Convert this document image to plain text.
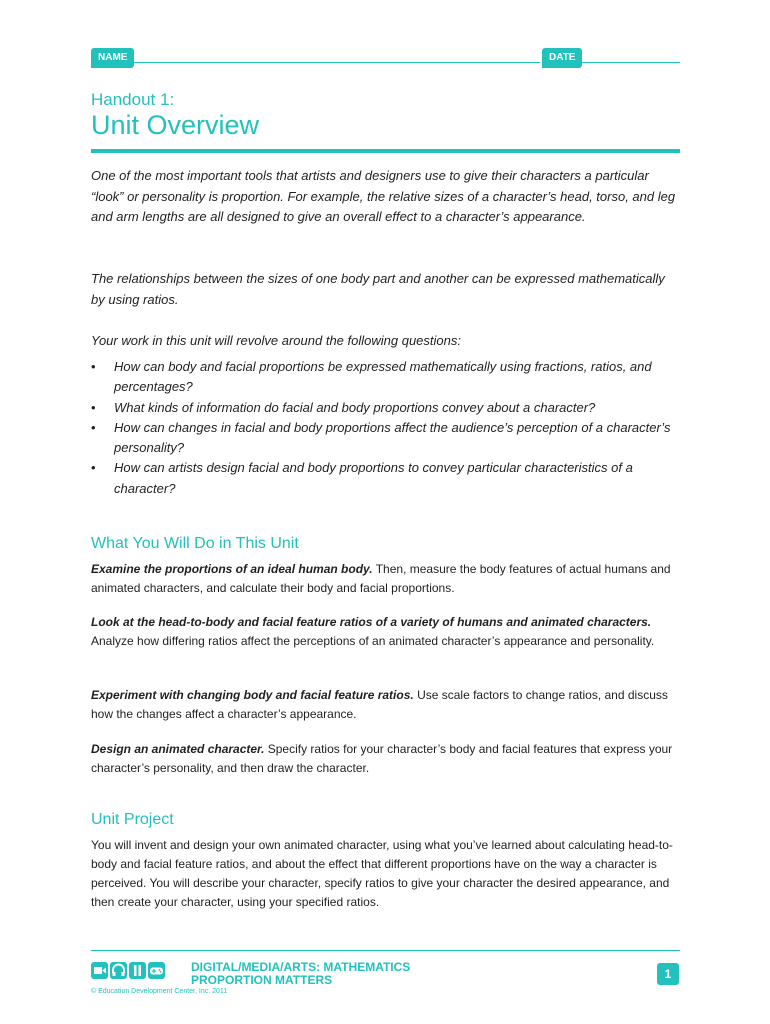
NAME	DATE
Handout 1:
Unit Overview

One of the most important tools that artists and designers use to give their characters a particular “look” or personality is proportion. For example, the relative sizes of a character’s head, torso, and leg and arm lengths are all designed to give an overall effect to a character’s appearance.

The relationships between the sizes of one body part and another can be expressed mathematically by using ratios.

Your work in this unit will revolve around the following questions:

• How can body and facial proportions be expressed mathematically using fractions, ratios, and percentages?
• What kinds of information do facial and body proportions convey about a character?
• How can changes in facial and body proportions affect the audience’s perception of a character’s personality?
• How can artists design facial and body proportions to convey particular characteristics of a character?
What You Will Do in This Unit

Examine the proportions of an ideal human body. Then, measure the body features of actual humans and animated characters, and calculate their body and facial proportions.

Look at the head-to-body and facial feature ratios of a variety of humans and animated characters. Analyze how differing ratios affect the perceptions of an animated character’s appearance and personality.

Experiment with changing body and facial feature ratios. Use scale factors to change ratios, and discuss how the changes affect a character’s appearance.

Design an animated character. Specify ratios for your character’s body and facial features that express your character’s personality, and then draw the character.

Unit Project

You will invent and design your own animated character, using what you’ve learned about calculating head-to-body and facial feature ratios, and about the effect that different proportions have on the way a character is perceived. You will describe your character, specify ratios to give your character the desired appearance, and then create your character, using your specified ratios.

DIGITAL/MEDIA/ARTS: MATHEMATICS
PROPORTION MATTERS
© Education Development Center, Inc. 2011
1
